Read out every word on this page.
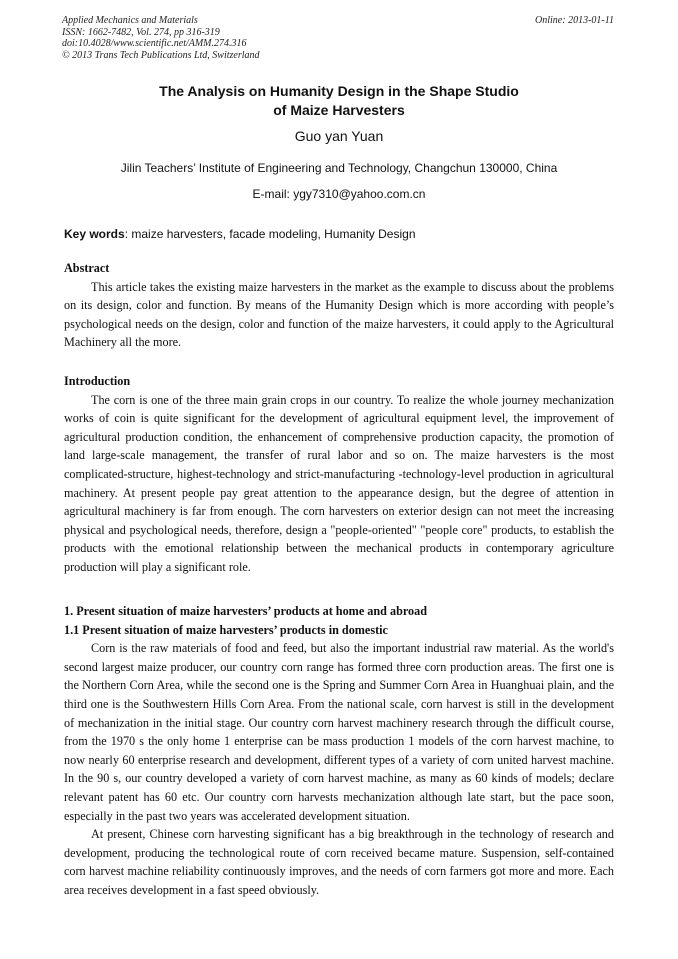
Applied Mechanics and Materials
ISSN: 1662-7482, Vol. 274, pp 316-319
doi:10.4028/www.scientific.net/AMM.274.316
© 2013 Trans Tech Publications Ltd, Switzerland
Online: 2013-01-11
The Analysis on Humanity Design in the Shape Studio
of Maize Harvesters
Guo yan Yuan
Jilin Teachers’ Institute of Engineering and Technology, Changchun 130000, China
E-mail: ygy7310@yahoo.com.cn
Key words: maize harvesters, facade modeling, Humanity Design
Abstract

This article takes the existing maize harvesters in the market as the example to discuss about the problems on its design, color and function. By means of the Humanity Design which is more according with people’s psychological needs on the design, color and function of the maize harvesters, it could apply to the Agricultural Machinery all the more.

Introduction

The corn is one of the three main grain crops in our country. To realize the whole journey mechanization works of coin is quite significant for the development of agricultural equipment level, the improvement of agricultural production condition, the enhancement of comprehensive production capacity, the promotion of land large-scale management, the transfer of rural labor and so on. The maize harvesters is the most complicated-structure, highest-technology and strict-manufacturing -technology-level production in agricultural machinery. At present people pay great attention to the appearance design, but the degree of attention in agricultural machinery is far from enough. The corn harvesters on exterior design can not meet the increasing physical and psychological needs, therefore, design a "people-oriented" "people core" products, to establish the products with the emotional relationship between the mechanical products in contemporary agriculture production will play a significant role.

1. Present situation of maize harvesters’ products at home and abroad
1.1 Present situation of maize harvesters’ products in domestic

Corn is the raw materials of food and feed, but also the important industrial raw material. As the world's second largest maize producer, our country corn range has formed three corn production areas. The first one is the Northern Corn Area, while the second one is the Spring and Summer Corn Area in Huanghuai plain, and the third one is the Southwestern Hills Corn Area. From the national scale, corn harvest is still in the development of mechanization in the initial stage. Our country corn harvest machinery research through the difficult course, from the 1970 s the only home 1 enterprise can be mass production 1 models of the corn harvest machine, to now nearly 60 enterprise research and development, different types of a variety of corn united harvest machine. In the 90 s, our country developed a variety of corn harvest machine, as many as 60 kinds of models; declare relevant patent has 60 etc. Our country corn harvests mechanization although late start, but the pace soon, especially in the past two years was accelerated development situation.

At present, Chinese corn harvesting significant has a big breakthrough in the technology of research and development, producing the technological route of corn received became mature. Suspension, self-contained corn harvest machine reliability continuously improves, and the needs of corn farmers got more and more. Each area receives development in a fast speed obviously.
